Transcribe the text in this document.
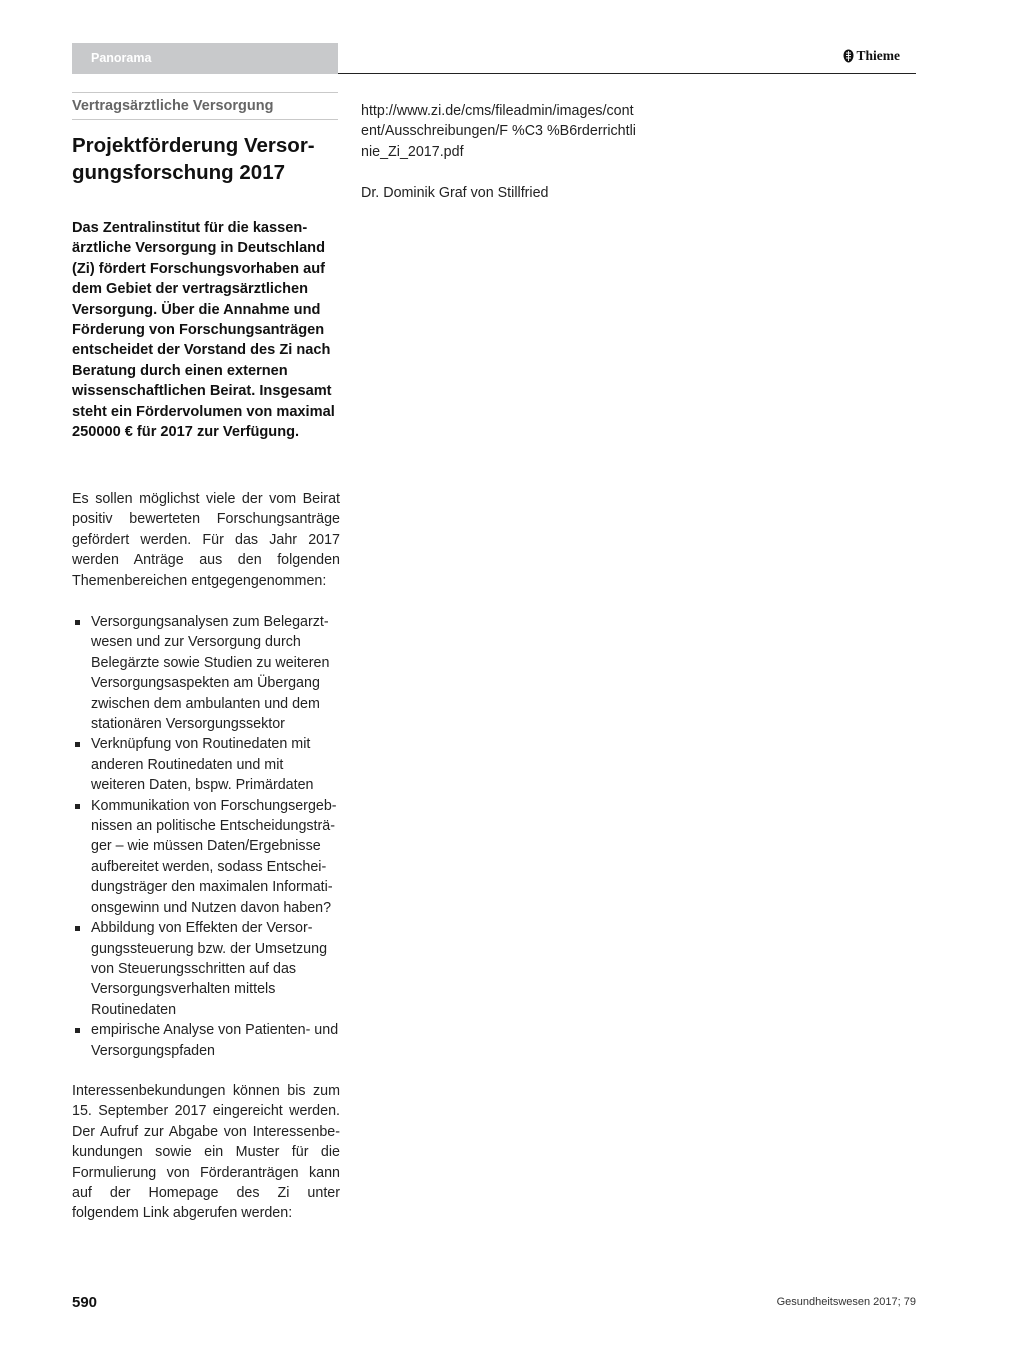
Panorama	Thieme
Vertragsärztliche Versorgung
Projektförderung Versor-gungsforschung 2017

Das Zentralinstitut für die kassenärztliche Versorgung in Deutschland (Zi) fördert Forschungsvorhaben auf dem Gebiet der vertragsärztlichen Versorgung. Über die Annahme und Förderung von Forschungsanträgen entscheidet der Vorstand des Zi nach Beratung durch einen externen wissenschaftlichen Beirat. Insgesamt steht ein Fördervolumen von maximal 250000 € für 2017 zur Verfügung.

Es sollen möglichst viele der vom Beirat positiv bewerteten Forschungsanträge gefördert werden. Für das Jahr 2017 werden Anträge aus den folgenden Themenbereichen entgegengenommen:

Versorgungsanalysen zum Belegarztwesen und zur Versorgung durch Belegärzte sowie Studien zu weiteren Versorgungsaspekten am Übergang zwischen dem ambulanten und dem stationären Versorgungssektor
Verknüpfung von Routinedaten mit anderen Routinedaten und mit weiteren Daten, bspw. Primärdaten
Kommunikation von Forschungsergebnissen an politische Entscheidungsträger – wie müssen Daten/Ergebnisse aufbereitet werden, sodass Entscheidungsträger den maximalen Informationsgewinn und Nutzen davon haben?
Abbildung von Effekten der Versorgungssteuerung bzw. der Umsetzung von Steuerungsschritten auf das Versorgungsverhalten mittels Routinedaten
empirische Analyse von Patienten- und Versorgungspfaden

Interessenbekundungen können bis zum 15. September 2017 eingereicht werden. Der Aufruf zur Abgabe von Interessenbekundungen sowie ein Muster für die Formulierung von Förderanträgen kann auf der Homepage des Zi unter folgendem Link abgerufen werden:

http://www.zi.de/cms/fileadmin/images/content/Ausschreibungen/F %C3 %B6rderrichtlinie_Zi_2017.pdf

Dr. Dominik Graf von Stillfried

590	Gesundheitswesen 2017; 79
